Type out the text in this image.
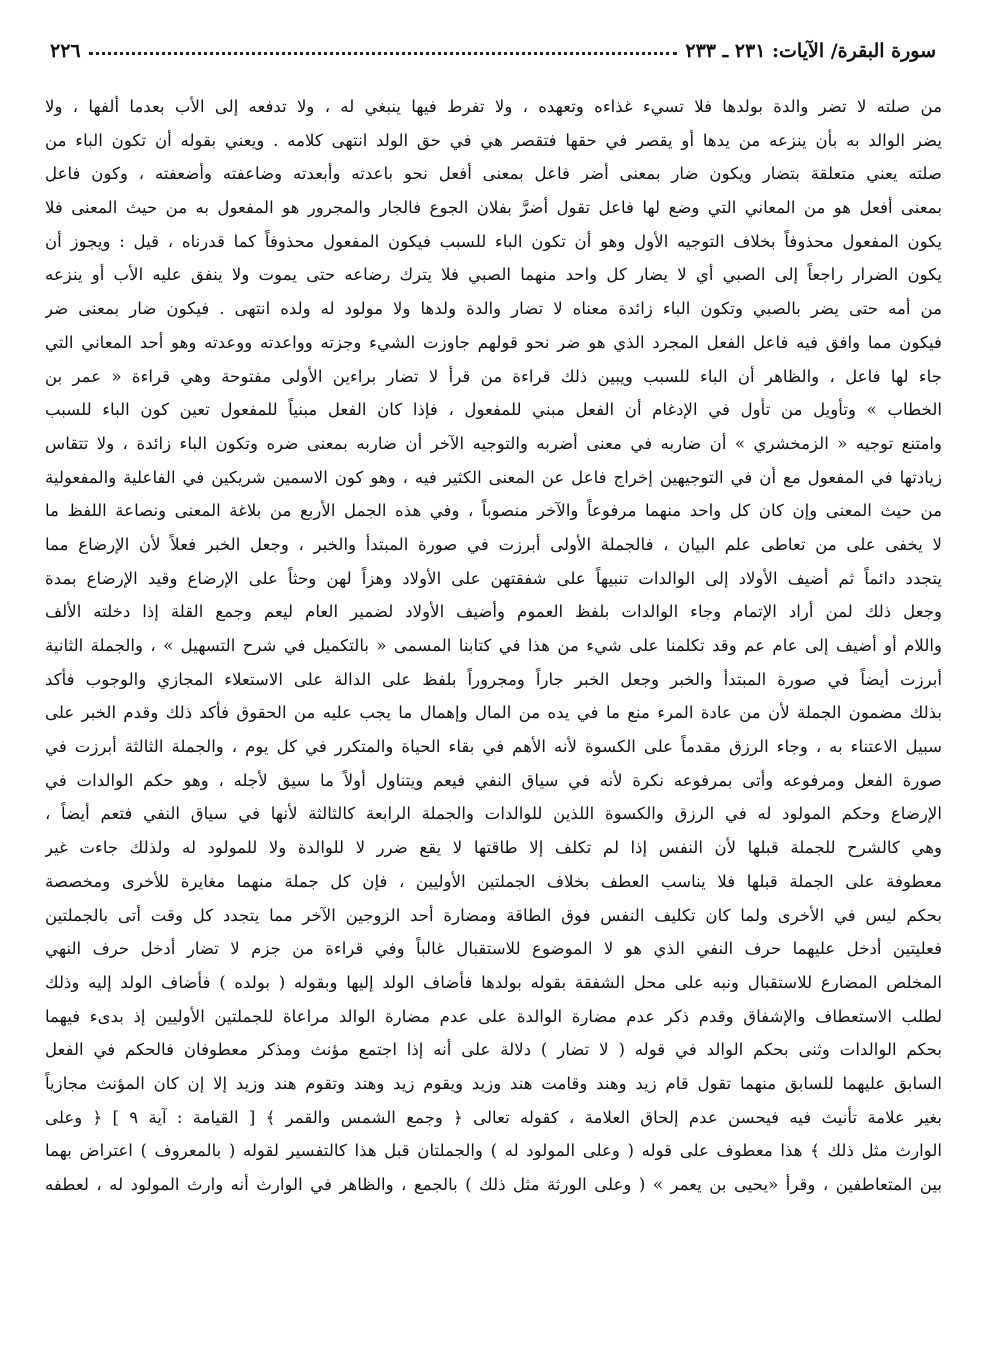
سورة البقرة/ الآيات: ٢٣١ ـ ٢٣٣
٢٢٦
من صلته لا تضر والدة بولدها فلا تسيء غذاءه وتعهده ، ولا تفرط فيها ينبغي له ، ولا تدفعه إلى الأب بعدما ألفها ، ولا
يضر الوالد به بأن ينزعه من يدها أو يقصر في حقها فتقصر هي في حق الولد انتهى كلامه . ويعني بقوله أن تكون الباء من
صلته يعني متعلقة بتضار ويكون ضار بمعنى أضر فاعل بمعنى أفعل نحو باعدته وأبعدته وضاعفته وأضعفته ، وكون فاعل
بمعنى أفعل هو من المعاني التي وضع لها فاعل تقول أضرَّ بفلان الجوع فالجار والمجرور هو المفعول به من حيث المعنى فلا
يكون المفعول محذوفاً بخلاف التوجيه الأول وهو أن تكون الباء للسبب فيكون المفعول محذوفاً كما قدرناه ، قيل : ويجوز أن
يكون الضرار راجعاً إلى الصبي أي لا يضار كل واحد منهما الصبي فلا يترك رضاعه حتى يموت ولا ينفق عليه الأب أو ينزعه
من أمه حتى يضر بالصبي وتكون الباء زائدة معناه لا تضار والدة ولدها ولا مولود له ولده انتهى . فيكون ضار بمعنى ضر
فيكون مما وافق فيه فاعل الفعل المجرد الذي هو ضر نحو قولهم جاوزت الشيء وجزته وواعدته ووعدته وهو أحد المعاني التي
جاء لها فاعل ، والظاهر أن الباء للسبب ويبين ذلك قراءة من قرأ لا تضار براءين الأولى مفتوحة وهي قراءة « عمر بن
الخطاب » وتأويل من تأول في الإدغام أن الفعل مبني للمفعول ، فإذا كان الفعل مبنياً للمفعول تعين كون الباء للسبب
وامتنع توجيه « الزمخشري » أن ضاربه في معنى أضربه والتوجيه الآخر أن ضاربه بمعنى ضره وتكون الباء زائدة ، ولا تتقاس
زيادتها في المفعول مع أن في التوجيهين إخراج فاعل عن المعنى الكثير فيه ، وهو كون الاسمين شريكين في الفاعلية والمفعولية
من حيث المعنى وإن كان كل واحد منهما مرفوعاً والآخر منصوباً ، وفي هذه الجمل الأربع من بلاغة المعنى ونصاعة اللفظ ما
لا يخفى على من تعاطى علم البيان ، فالجملة الأولى أبرزت في صورة المبتدأ والخبر ، وجعل الخبر فعلاً لأن الإرضاع مما
يتجدد دائماً ثم أضيف الأولاد إلى الوالدات تنبيهاً على شفقتهن على الأولاد وهزاً لهن وحثاً على الإرضاع وقيد الإرضاع بمدة
وجعل ذلك لمن أراد الإتمام وجاء الوالدات بلفظ العموم وأضيف الأولاد لضمير العام ليعم وجمع القلة إذا دخلته الألف
واللام أو أضيف إلى عام عم وقد تكلمنا على شيء من هذا في كتابنا المسمى « بالتكميل في شرح التسهيل » ، والجملة الثانية
أبرزت أيضاً في صورة المبتدأ والخبر وجعل الخبر جاراً ومجروراً بلفظ على الدالة على الاستعلاء المجازي والوجوب فأكد
بذلك مضمون الجملة لأن من عادة المرء منع ما في يده من المال وإهمال ما يجب عليه من الحقوق فأكد ذلك وقدم الخبر على
سبيل الاعتناء به ، وجاء الرزق مقدماً على الكسوة لأنه الأهم في بقاء الحياة والمتكرر في كل يوم ، والجملة الثالثة أبرزت في
صورة الفعل ومرفوعه وأتى بمرفوعه نكرة لأنه في سياق النفي فيعم ويتناول أولاً ما سيق لأجله ، وهو حكم الوالدات في
الإرضاع وحكم المولود له في الرزق والكسوة اللذين للوالدات والجملة الرابعة كالثالثة لأنها في سياق النفي فتعم أيضاً ،
وهي كالشرح للجملة قبلها لأن النفس إذا لم تكلف إلا طاقتها لا يقع ضرر لا للوالدة ولا للمولود له ولذلك جاءت غير
معطوفة على الجملة قبلها فلا يناسب العطف بخلاف الجملتين الأوليين ، فإن كل جملة منهما مغايرة للأخرى ومخصصة
بحكم ليس في الأخرى ولما كان تكليف النفس فوق الطاقة ومضارة أحد الزوجين الآخر مما يتجدد كل وقت أتى بالجملتين
فعليتين أدخل عليهما حرف النفي الذي هو لا الموضوع للاستقبال غالباً وفي قراءة من جزم لا تضار أدخل حرف النهي
المخلص المضارع للاستقبال ونبه على محل الشفقة بقوله بولدها فأضاف الولد إليها وبقوله ( بولده ) فأضاف الولد إليه وذلك
لطلب الاستعطاف والإشفاق وقدم ذكر عدم مضارة الوالدة على عدم مضارة الوالد مراعاة للجملتين الأوليين إذ بدىء فيهما
بحكم الوالدات وثنى بحكم الوالد في قوله ( لا تضار ) دلالة على أنه إذا اجتمع مؤنث ومذكر معطوفان فالحكم في الفعل
السابق عليهما للسابق منهما تقول قام زيد وهند وقامت هند وزيد ويقوم زيد وهند وتقوم هند وزيد إلا إن كان المؤنث مجازياً
بغير علامة تأنيث فيه فيحسن عدم إلحاق العلامة ، كقوله تعالى ﴿ وجمع الشمس والقمر ﴾ [ القيامة : آية ٩ ] ﴿ وعلى
الوارث مثل ذلك ﴾ هذا معطوف على قوله ( وعلى المولود له ) والجملتان قبل هذا كالتفسير لقوله ( بالمعروف ) اعتراض بهما
بين المتعاطفين ، وقرأ «يحيى بن يعمر » ( وعلى الورثة مثل ذلك ) بالجمع ، والظاهر في الوارث أنه وارث المولود له ، لعطفه
